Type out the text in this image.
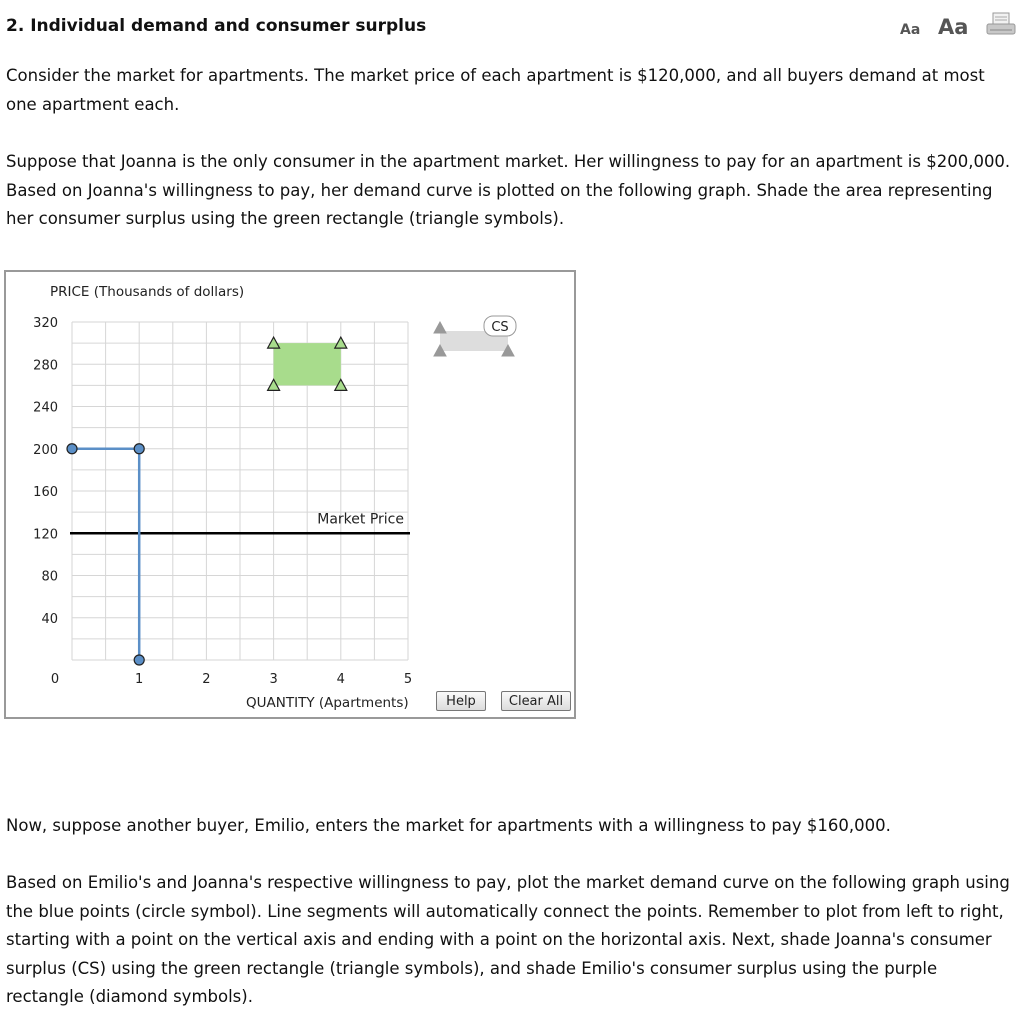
2. Individual demand and consumer surplus	Aa Aa
Consider the market for apartments. The market price of each apartment is $120,000, and all buyers demand at most one apartment each.
Suppose that Joanna is the only consumer in the apartment market. Her willingness to pay for an apartment is $200,000. Based on Joanna's willingness to pay, her demand curve is plotted on the following graph. Shade the area representing her consumer surplus using the green rectangle (triangle symbols).
PRICE (Thousands of dollars)
QUANTITY (Apartments)
0	1	2	3	4	5
40
80
120
160
200
240
280
320
Market Price
CS
Help	Clear All
Now, suppose another buyer, Emilio, enters the market for apartments with a willingness to pay $160,000.
Based on Emilio's and Joanna's respective willingness to pay, plot the market demand curve on the following graph using the blue points (circle symbol). Line segments will automatically connect the points. Remember to plot from left to right, starting with a point on the vertical axis and ending with a point on the horizontal axis. Next, shade Joanna's consumer surplus (CS) using the green rectangle (triangle symbols), and shade Emilio's consumer surplus using the purple rectangle (diamond symbols).
